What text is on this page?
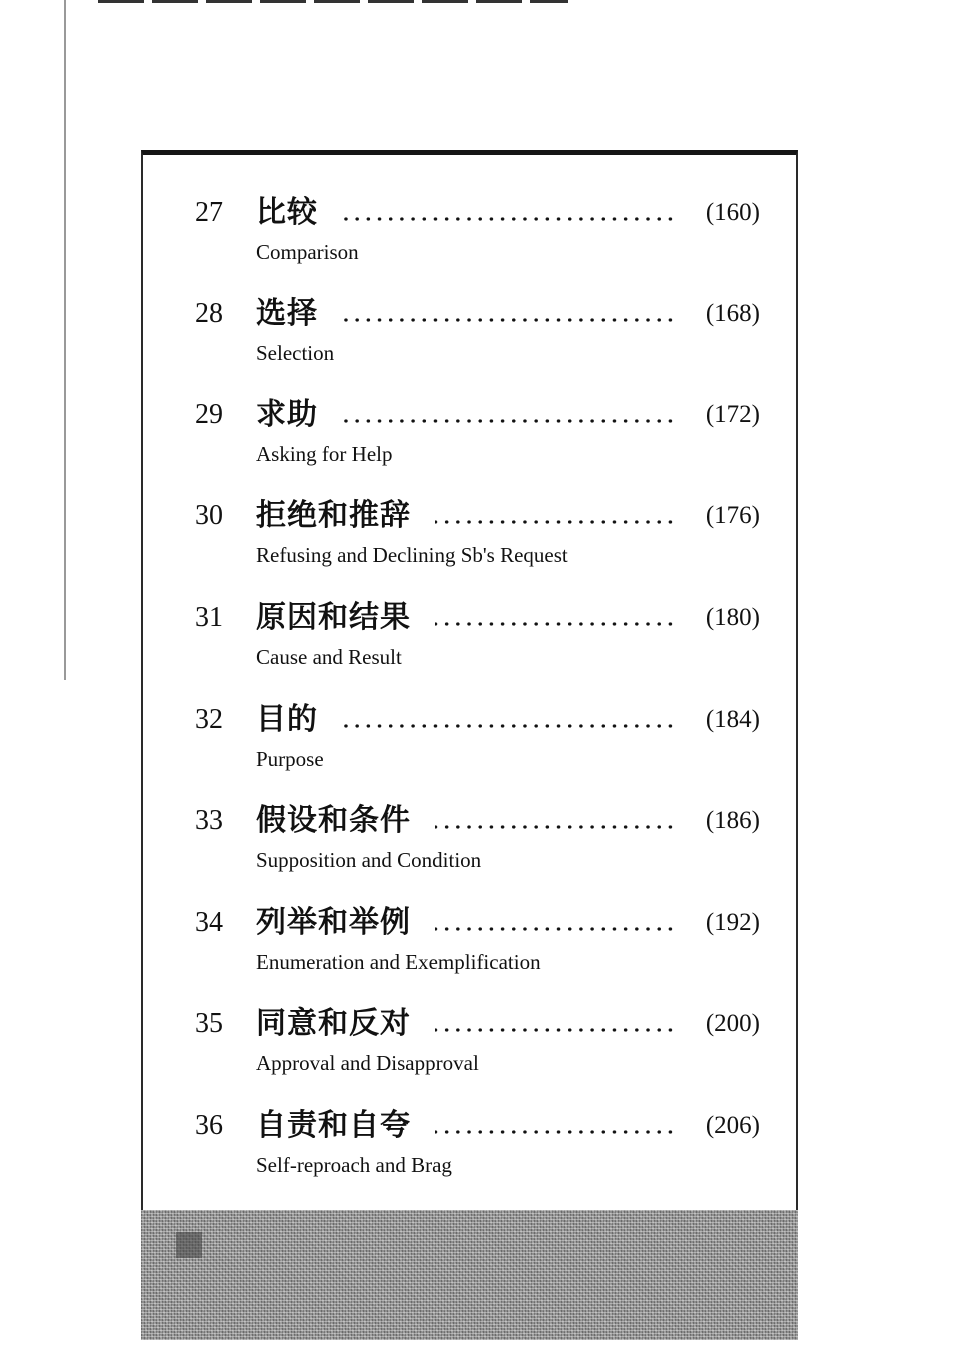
27 比较	(160)
Comparison
28 选择	(168)
Selection
29 求助	(172)
Asking for Help
30 拒绝和推辞	(176)
Refusing and Declining Sb's Request
31 原因和结果	(180)
Cause and Result
32 目的	(184)
Purpose
33 假设和条件	(186)
Supposition and Condition
34 列举和举例	(192)
Enumeration and Exemplification
35 同意和反对	(200)
Approval and Disapproval
36 自责和自夸	(206)
Self-reproach and Brag
